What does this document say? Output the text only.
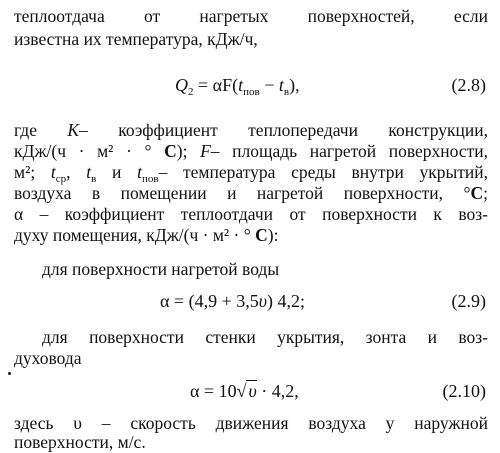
теплоотдача от нагретых поверхностей, если
известна их температура, кДж/ч,
$Q_2 = \alpha F(t_{пов} - t_в)$,	(2.8)
где K– коэффициент теплопередачи конструкции,
кДж/(ч · м² · ° C); F– площадь нагретой поверхности,
м²; $t_{ср}$, $t_в$ и $t_{пов}-$ температура среды внутри укрытий,
воздуха в помещении и нагретой поверхности, °C;
α – коэффициент теплоотдачи от поверхности к воз-
духу помещения, кДж/(ч · м² · ° C):
для поверхности нагретой воды
α = (4,9 + 3,5υ) 4,2;	(2.9)
для поверхности стенки укрытия, зонта и воз-
духовода
α = 10√ υ · 4,2,	(2.10)
здесь υ – скорость движения воздуха у наружной
поверхности, м/с.
